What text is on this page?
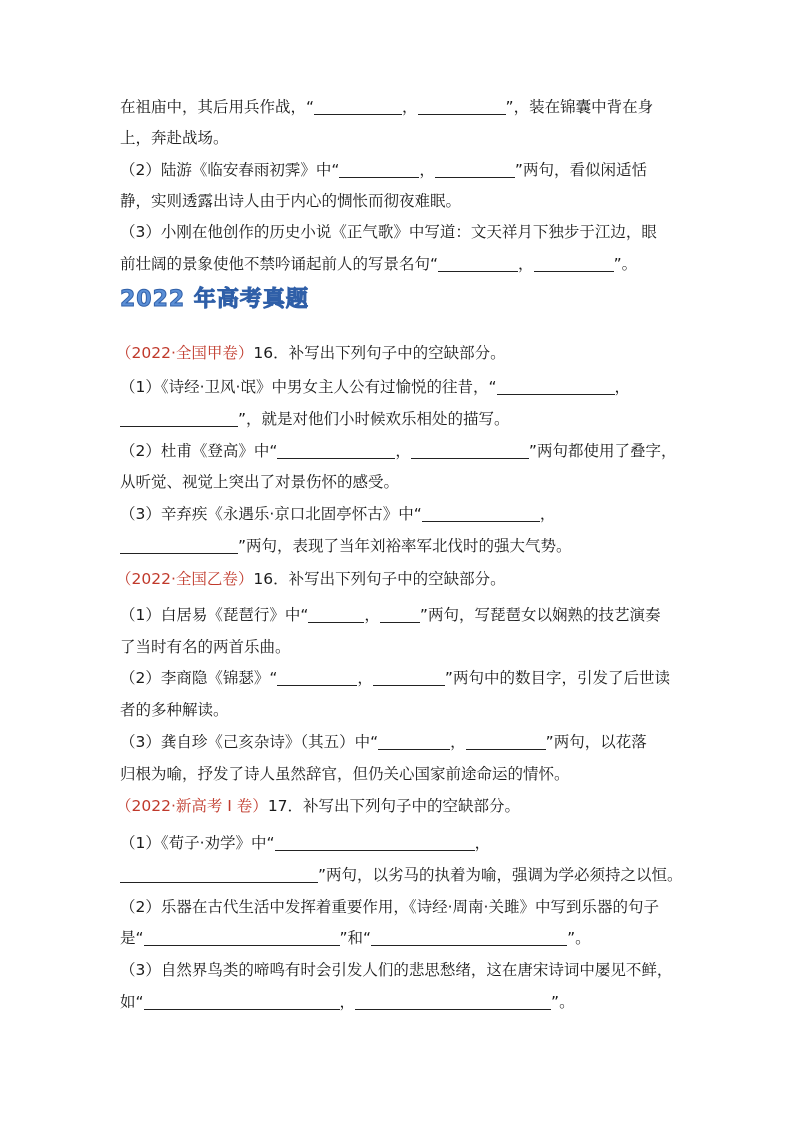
在祖庙中，其后用兵作战，“	，	”，装在锦囊中背在身
上，奔赴战场。
（2）陆游《临安春雨初霁》中“	，	”两句，看似闲适恬
静，实则透露出诗人由于内心的惆怅而彻夜难眠。
（3）小刚在他创作的历史小说《正气歌》中写道：文天祥月下独步于江边，眼
前壮阔的景象使他不禁吟诵起前人的写景名句“	，	”。
2022 年高考真题
（2022·全国甲卷）16．补写出下列句子中的空缺部分。
（1）《诗经·卫风·氓》中男女主人公有过愉悦的往昔，“	，
”，就是对他们小时候欢乐相处的描写。
（2）杜甫《登高》中“	，	”两句都使用了叠字，
从听觉、视觉上突出了对景伤怀的感受。
（3）辛弃疾《永遇乐·京口北固亭怀古》中“	，
”两句，表现了当年刘裕率军北伐时的强大气势。
（2022·全国乙卷）16．补写出下列句子中的空缺部分。
（1）白居易《琵琶行》中“	，	”两句，写琵琶女以娴熟的技艺演奏
了当时有名的两首乐曲。
（2）李商隐《锦瑟》“	，	”两句中的数目字，引发了后世读
者的多种解读。
（3）龚自珍《己亥杂诗》（其五）中“	，	”两句，以花落
归根为喻，抒发了诗人虽然辞官，但仍关心国家前途命运的情怀。
（2022·新高考 I 卷）17．补写出下列句子中的空缺部分。
（1）《荀子·劝学》中“	，
”两句，以劣马的执着为喻，强调为学必须持之以恒。
（2）乐器在古代生活中发挥着重要作用，《诗经·周南·关雎》中写到乐器的句子
是“	”和“	”。
（3）自然界鸟类的啼鸣有时会引发人们的悲思愁绪，这在唐宋诗词中屡见不鲜，
如“	，	”。
